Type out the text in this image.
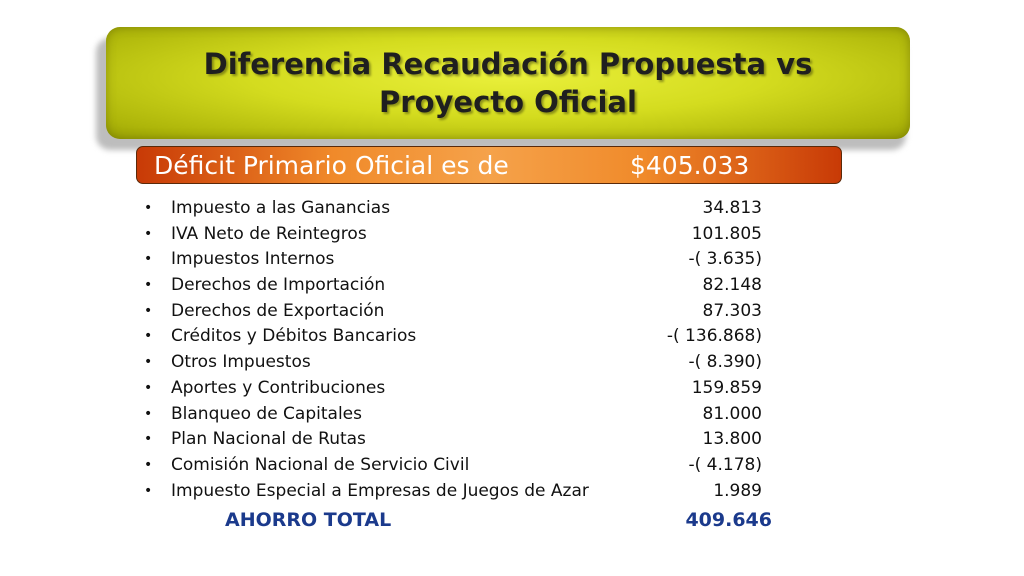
Diferencia Recaudación Propuesta vs Proyecto Oficial
Déficit Primario Oficial es de	$405.033
• Impuesto a las Ganancias	34.813
• IVA Neto de Reintegros	101.805
• Impuestos Internos	-( 3.635)
• Derechos de Importación	82.148
• Derechos de Exportación	87.303
• Créditos y Débitos Bancarios	-( 136.868)
• Otros Impuestos	-( 8.390)
• Aportes y Contribuciones	159.859
• Blanqueo de Capitales	81.000
• Plan Nacional de Rutas	13.800
• Comisión Nacional de Servicio Civil	-( 4.178)
• Impuesto Especial a Empresas de Juegos de Azar	1.989
AHORRO TOTAL	409.646
